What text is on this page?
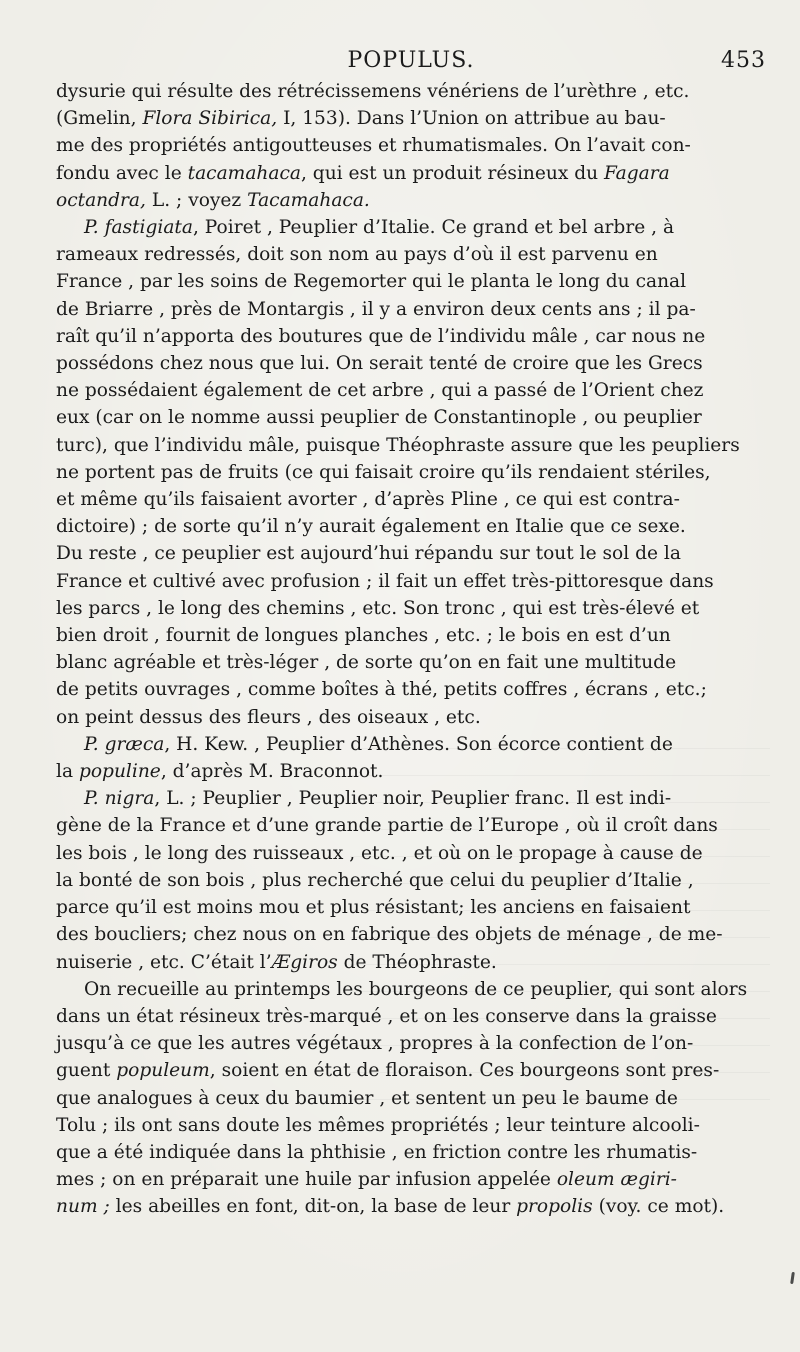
POPULUS.	453
dysurie qui résulte des rétrécissemens vénériens de l’urèthre , etc.
(Gmelin, Flora Sibirica, I, 153). Dans l’Union on attribue au bau-
me des propriétés antigoutteuses et rhumatismales. On l’avait con-
fondu avec le tacamahaca, qui est un produit résineux du Fagara
octandra, L. ; voyez Tacamahaca.
P. fastigiata, Poiret , Peuplier d’Italie. Ce grand et bel arbre , à
rameaux redressés, doit son nom au pays d’où il est parvenu en
France , par les soins de Regemorter qui le planta le long du canal
de Briarre , près de Montargis , il y a environ deux cents ans ; il pa-
raît qu’il n’apporta des boutures que de l’individu mâle , car nous ne
possédons chez nous que lui. On serait tenté de croire que les Grecs
ne possédaient également de cet arbre , qui a passé de l’Orient chez
eux (car on le nomme aussi peuplier de Constantinople , ou peuplier
turc), que l’individu mâle, puisque Théophraste assure que les peupliers
ne portent pas de fruits (ce qui faisait croire qu’ils rendaient stériles,
et même qu’ils faisaient avorter , d’après Pline , ce qui est contra-
dictoire) ; de sorte qu’il n’y aurait également en Italie que ce sexe.
Du reste , ce peuplier est aujourd’hui répandu sur tout le sol de la
France et cultivé avec profusion ; il fait un effet très-pittoresque dans
les parcs , le long des chemins , etc. Son tronc , qui est très-élevé et
bien droit , fournit de longues planches , etc. ; le bois en est d’un
blanc agréable et très-léger , de sorte qu’on en fait une multitude
de petits ouvrages , comme boîtes à thé, petits coffres , écrans , etc.;
on peint dessus des fleurs , des oiseaux , etc.
P. græca, H. Kew. , Peuplier d’Athènes. Son écorce contient de
la populine, d’après M. Braconnot.
P. nigra, L. ; Peuplier , Peuplier noir, Peuplier franc. Il est indi-
gène de la France et d’une grande partie de l’Europe , où il croît dans
les bois , le long des ruisseaux , etc. , et où on le propage à cause de
la bonté de son bois , plus recherché que celui du peuplier d’Italie ,
parce qu’il est moins mou et plus résistant; les anciens en faisaient
des boucliers; chez nous on en fabrique des objets de ménage , de me-
nuiserie , etc. C’était l’Ægiros de Théophraste.
On recueille au printemps les bourgeons de ce peuplier, qui sont alors
dans un état résineux très-marqué , et on les conserve dans la graisse
jusqu’à ce que les autres végétaux , propres à la confection de l’on-
guent populeum, soient en état de floraison. Ces bourgeons sont pres-
que analogues à ceux du baumier , et sentent un peu le baume de
Tolu ; ils ont sans doute les mêmes propriétés ; leur teinture alcooli-
que a été indiquée dans la phthisie , en friction contre les rhumatis-
mes ; on en préparait une huile par infusion appelée oleum ægiri-
num ; les abeilles en font, dit-on, la base de leur propolis (voy. ce mot).
